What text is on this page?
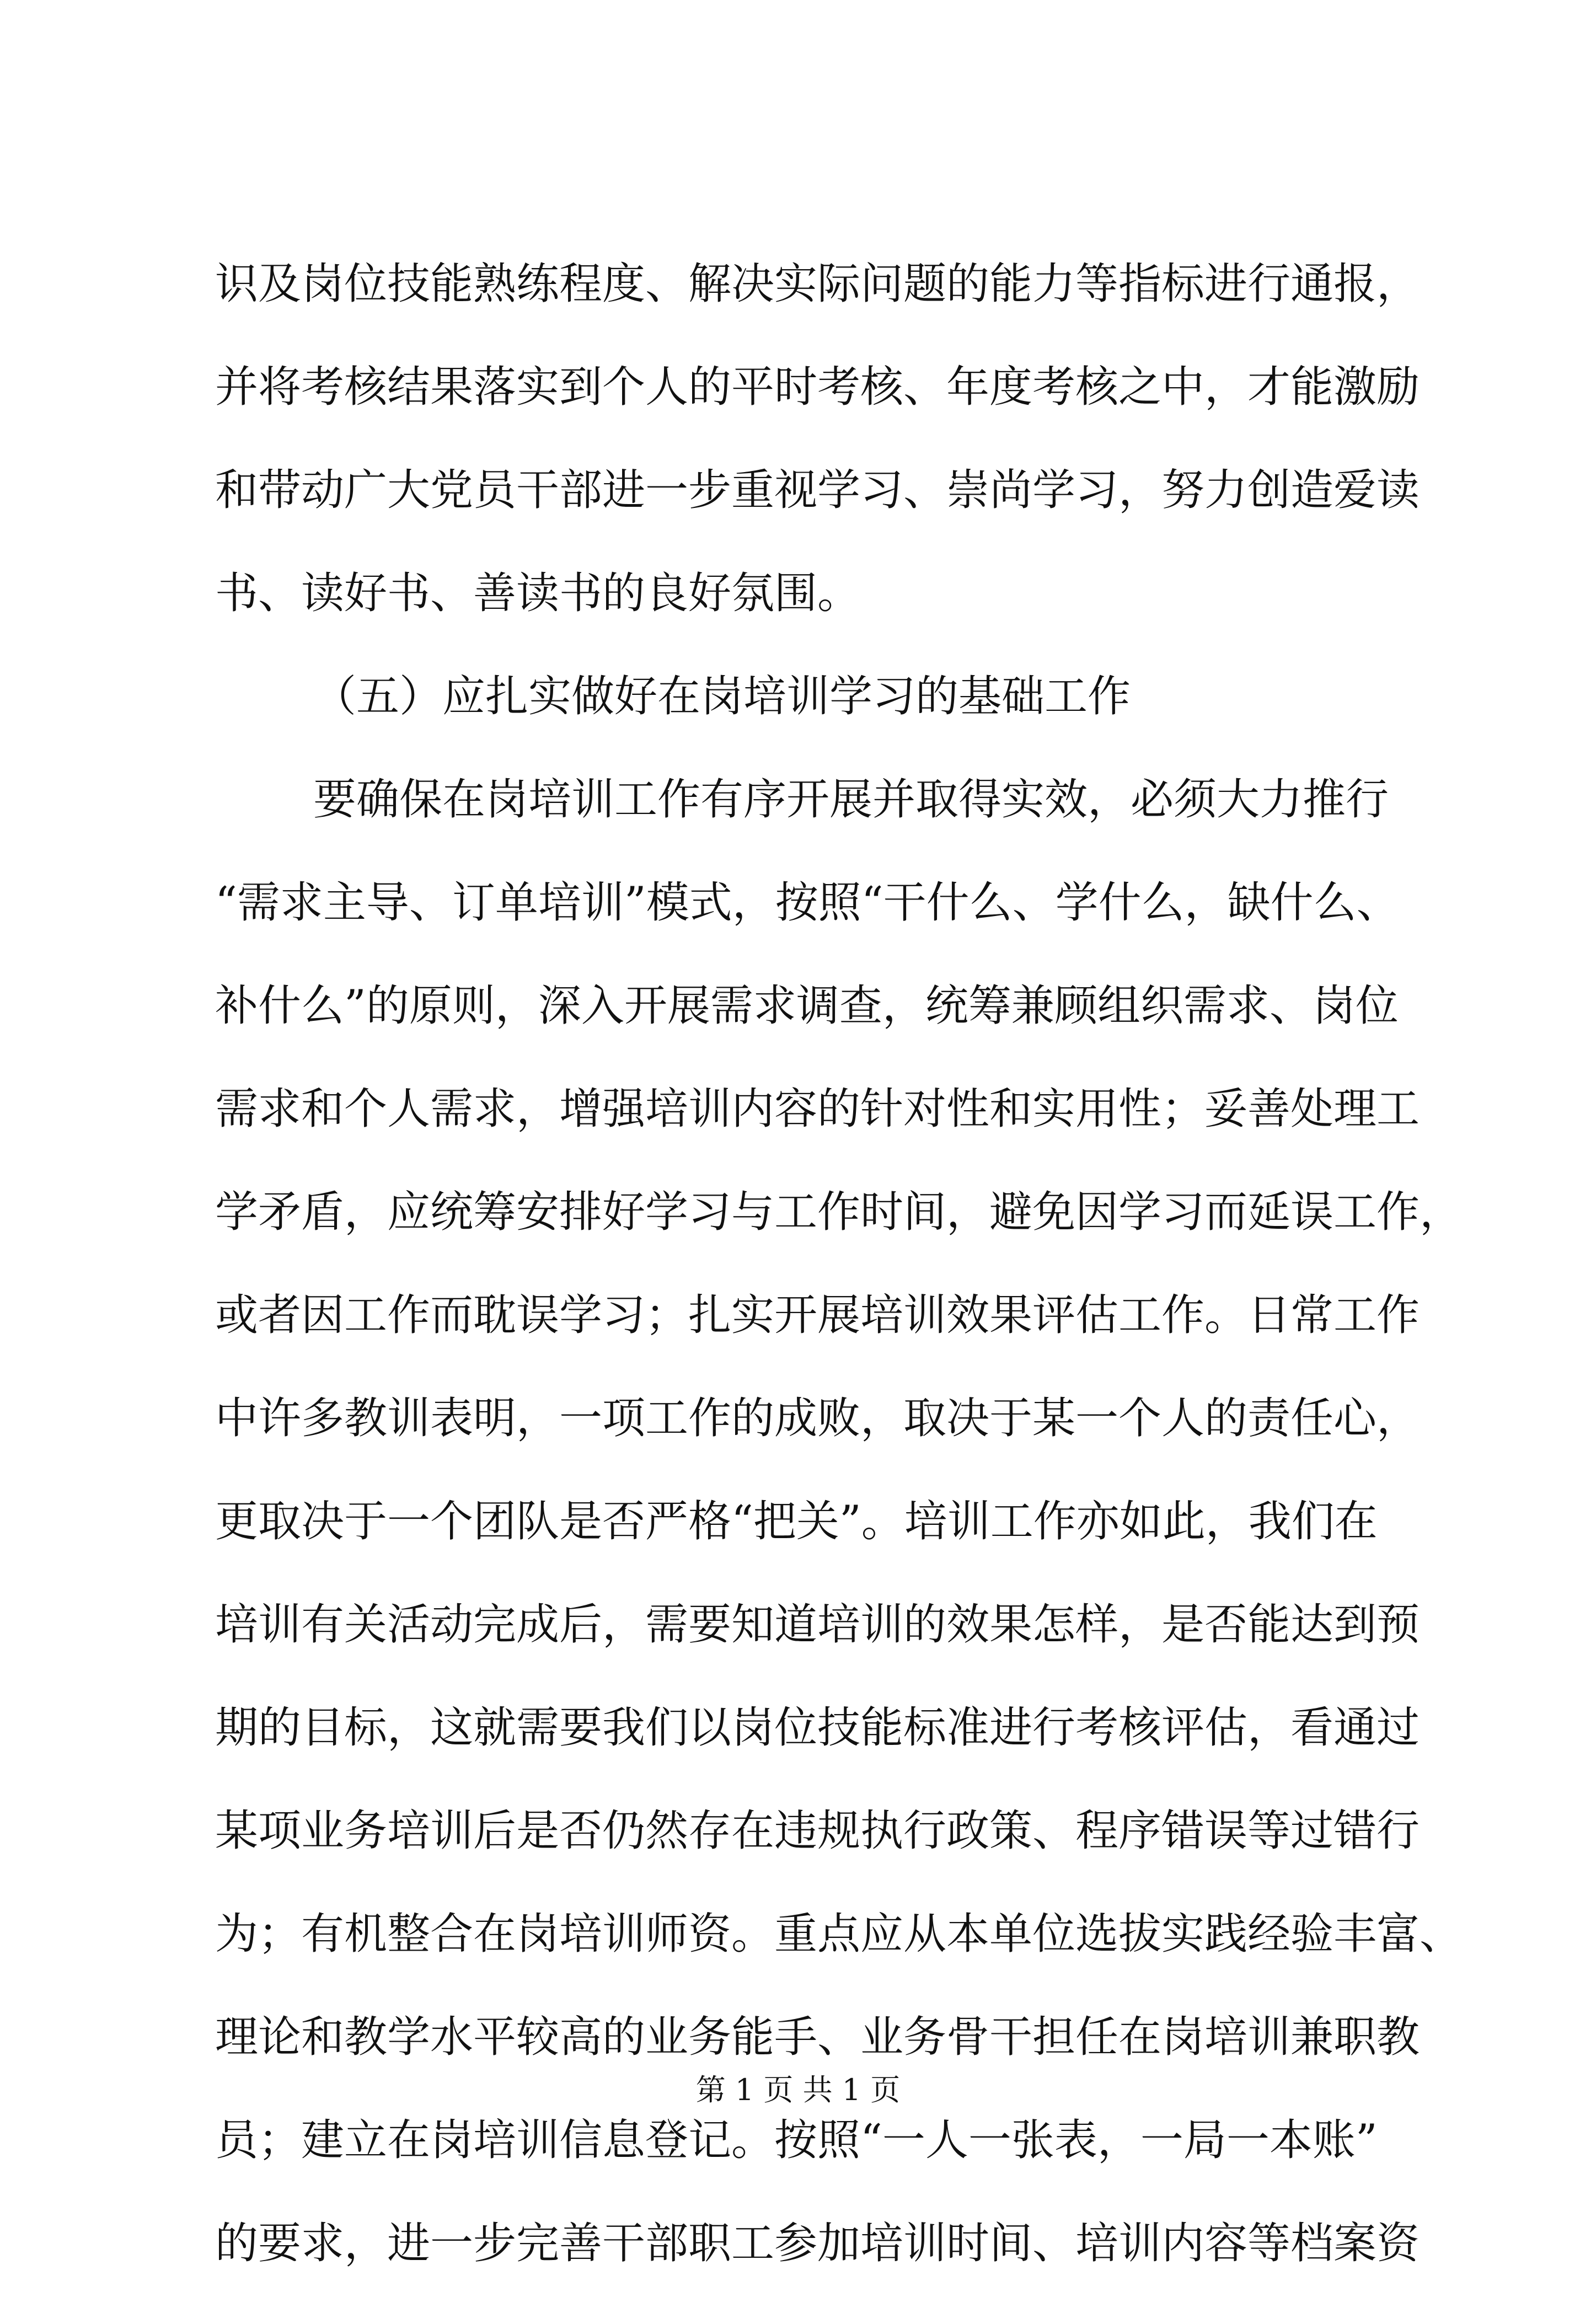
识及岗位技能熟练程度、解决实际问题的能力等指标进行通报，
并将考核结果落实到个人的平时考核、年度考核之中，才能激励
和带动广大党员干部进一步重视学习、崇尚学习，努力创造爱读
书、读好书、善读书的良好氛围。
（五）应扎实做好在岗培训学习的基础工作
要确保在岗培训工作有序开展并取得实效，必须大力推行
“需求主导、订单培训”模式，按照“干什么、学什么，缺什么、
补什么”的原则，深入开展需求调查，统筹兼顾组织需求、岗位
需求和个人需求，增强培训内容的针对性和实用性；妥善处理工
学矛盾，应统筹安排好学习与工作时间，避免因学习而延误工作，
或者因工作而耽误学习；扎实开展培训效果评估工作。日常工作
中许多教训表明，一项工作的成败，取决于某一个人的责任心，
更取决于一个团队是否严格“把关”。培训工作亦如此，我们在
培训有关活动完成后，需要知道培训的效果怎样，是否能达到预
期的目标，这就需要我们以岗位技能标准进行考核评估，看通过
某项业务培训后是否仍然存在违规执行政策、程序错误等过错行
为；有机整合在岗培训师资。重点应从本单位选拔实践经验丰富、
理论和教学水平较高的业务能手、业务骨干担任在岗培训兼职教
员；建立在岗培训信息登记。按照“一人一张表，一局一本账”
的要求，进一步完善干部职工参加培训时间、培训内容等档案资
第 1 页 共 1 页
